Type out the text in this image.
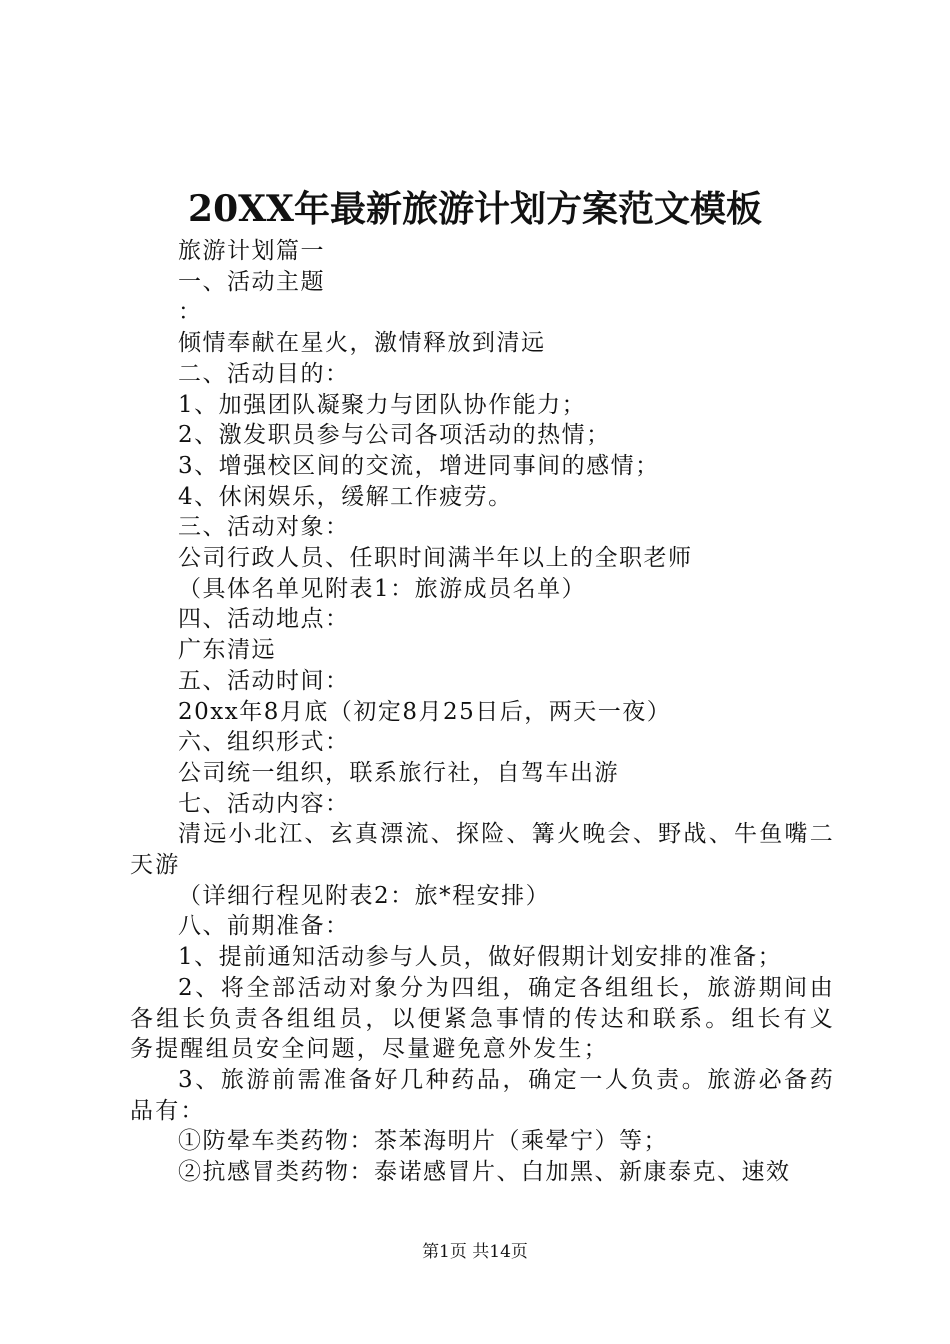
20XX年最新旅游计划方案范文模板
旅游计划篇一
一、活动主题
：
倾情奉献在星火，激情释放到清远
二、活动目的：
1、加强团队凝聚力与团队协作能力；
2、激发职员参与公司各项活动的热情；
3、增强校区间的交流，增进同事间的感情；
4、休闲娱乐，缓解工作疲劳。
三、活动对象：
公司行政人员、任职时间满半年以上的全职老师
（具体名单见附表1：旅游成员名单）
四、活动地点：
广东清远
五、活动时间：
20xx年8月底（初定8月25日后，两天一夜）
六、组织形式：
公司统一组织，联系旅行社，自驾车出游
七、活动内容：
清远小北江、玄真漂流、探险、篝火晚会、野战、牛鱼嘴二天游
（详细行程见附表2：旅*程安排）
八、前期准备：
1、提前通知活动参与人员，做好假期计划安排的准备；
2、将全部活动对象分为四组，确定各组组长，旅游期间由各组长负责各组组员，以便紧急事情的传达和联系。组长有义务提醒组员安全问题，尽量避免意外发生；
3、旅游前需准备好几种药品，确定一人负责。旅游必备药品有：
①防晕车类药物：茶苯海明片（乘晕宁）等；
②抗感冒类药物：泰诺感冒片、白加黑、新康泰克、速效
第1页 共14页
